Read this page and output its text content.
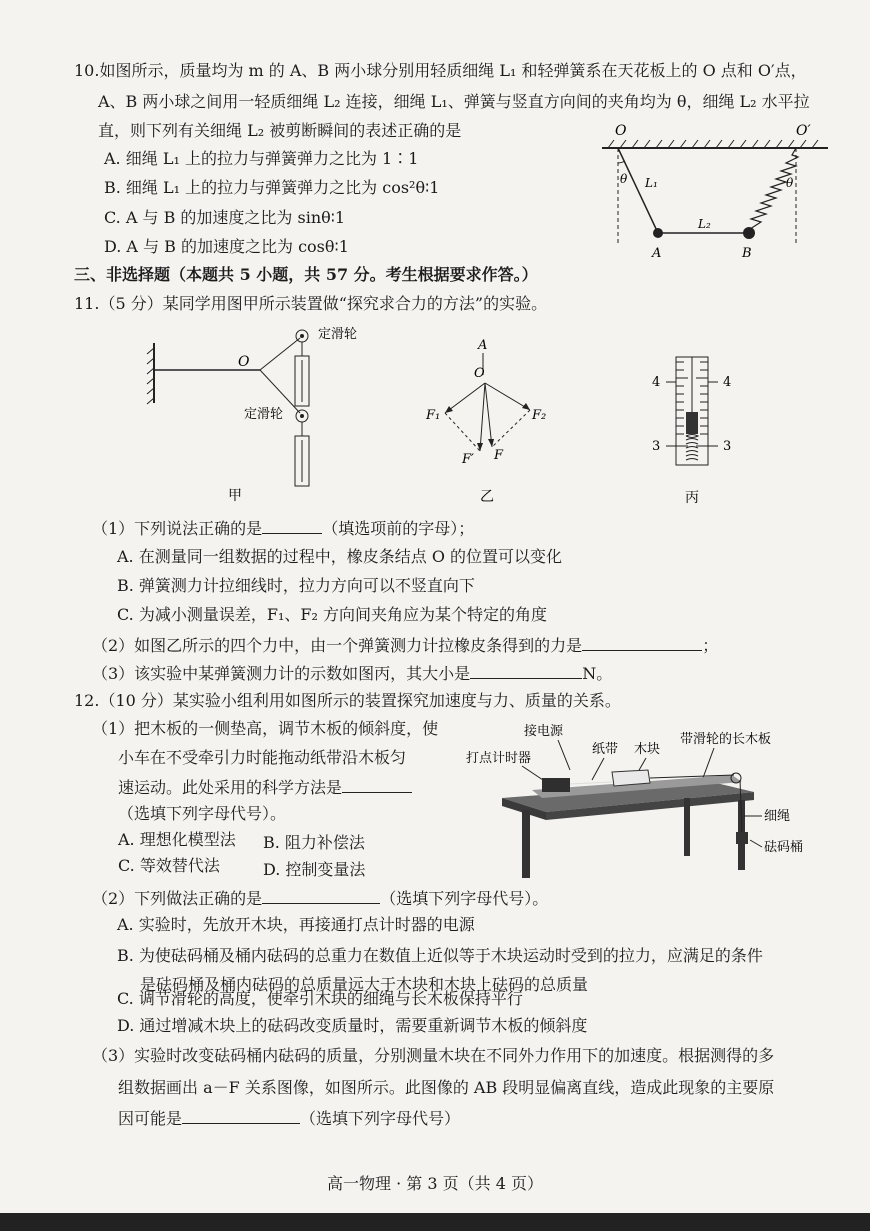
10.如图所示，质量均为 m 的 A、B 两小球分别用轻质细绳 L₁ 和轻弹簧系在天花板上的 O 点和 O′点，
A、B 两小球之间用一轻质细绳 L₂ 连接，细绳 L₁、弹簧与竖直方向间的夹角均为 θ，细绳 L₂ 水平拉
直，则下列有关细绳 L₂ 被剪断瞬间的表述正确的是
A. 细绳 L₁ 上的拉力与弹簧弹力之比为 1∶1
B. 细绳 L₁ 上的拉力与弹簧弹力之比为 cos²θ∶1
C. A 与 B 的加速度之比为 sinθ∶1
D. A 与 B 的加速度之比为 cosθ∶1
O	O′
θ L₁	θ
L₂
A	B
三、非选择题（本题共 5 小题，共 57 分。考生根据要求作答。）
11.（5 分）某同学用图甲所示装置做“探究求合力的方法”的实验。
O
定滑轮
定滑轮
甲
A
O
F₁	F₂
F′ F
乙
4	4
3	3
丙
（1）下列说法正确的是	（填选项前的字母）；
A. 在测量同一组数据的过程中，橡皮条结点 O 的位置可以变化
B. 弹簧测力计拉细线时，拉力方向可以不竖直向下
C. 为减小测量误差，F₁、F₂ 方向间夹角应为某个特定的角度
（2）如图乙所示的四个力中，由一个弹簧测力计拉橡皮条得到的力是	；
（3）该实验中某弹簧测力计的示数如图丙，其大小是	N。
12.（10 分）某实验小组利用如图所示的装置探究加速度与力、质量的关系。
（1）把木板的一侧垫高，调节木板的倾斜度，使
小车在不受牵引力时能拖动纸带沿木板匀
速运动。此处采用的科学方法是
（选填下列字母代号）。
A. 理想化模型法 B. 阻力补偿法
C. 等效替代法	D. 控制变量法
接电源
打点计时器
纸带 木块
带滑轮的长木板
细绳
砝码桶
（2）下列做法正确的是	（选填下列字母代号）。
A. 实验时，先放开木块，再接通打点计时器的电源
B. 为使砝码桶及桶内砝码的总重力在数值上近似等于木块运动时受到的拉力，应满足的条件
是砝码桶及桶内砝码的总质量远大于木块和木块上砝码的总质量
C. 调节滑轮的高度，使牵引木块的细绳与长木板保持平行
D. 通过增减木块上的砝码改变质量时，需要重新调节木板的倾斜度
（3）实验时改变砝码桶内砝码的质量，分别测量木块在不同外力作用下的加速度。根据测得的多
组数据画出 a－F 关系图像，如图所示。此图像的 AB 段明显偏离直线，造成此现象的主要原
因可能是	（选填下列字母代号）
高一物理 · 第 3 页（共 4 页）
